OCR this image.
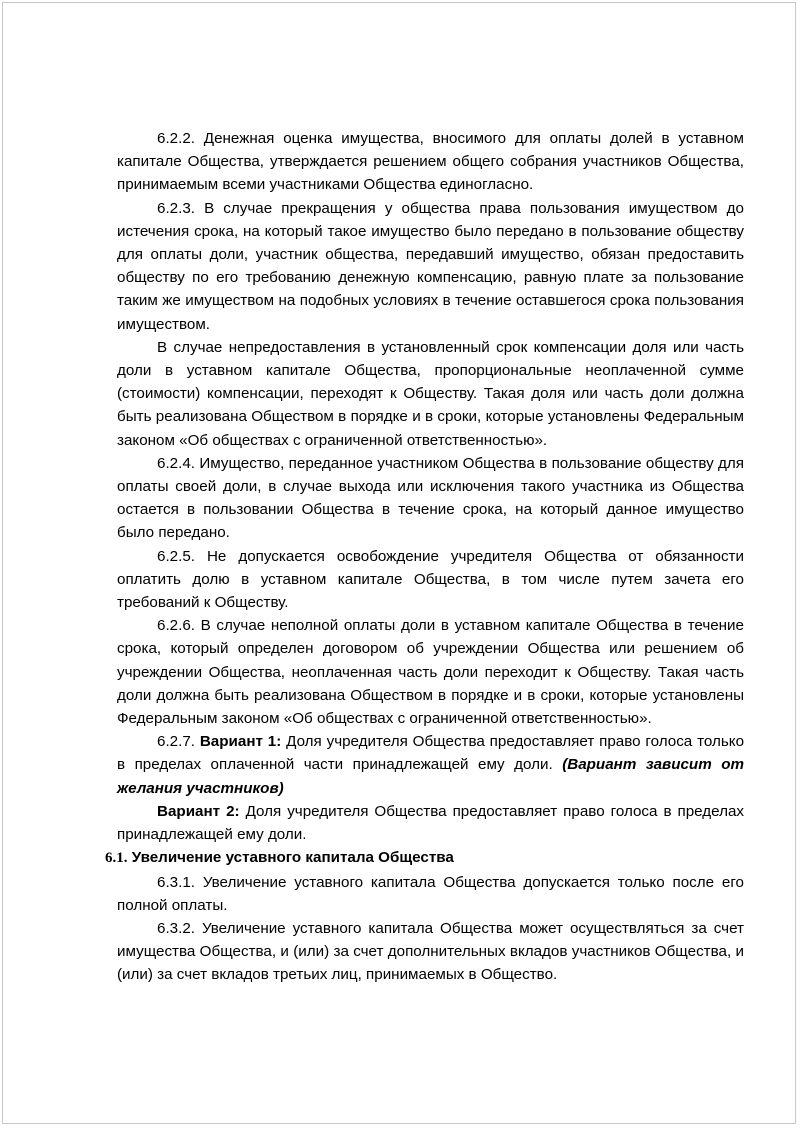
6.2.2. Денежная оценка имущества, вносимого для оплаты долей в уставном капитале Общества, утверждается решением общего собрания участников Общества, принимаемым всеми участниками Общества единогласно.

6.2.3. В случае прекращения у общества права пользования имуществом до истечения срока, на который такое имущество было передано в пользование обществу для оплаты доли, участник общества, передавший имущество, обязан предоставить обществу по его требованию денежную компенсацию, равную плате за пользование таким же имуществом на подобных условиях в течение оставшегося срока пользования имуществом.

В случае непредоставления в установленный срок компенсации доля или часть доли в уставном капитале Общества, пропорциональные неоплаченной сумме (стоимости) компенсации, переходят к Обществу. Такая доля или часть доли должна быть реализована Обществом в порядке и в сроки, которые установлены Федеральным законом «Об обществах с ограниченной ответственностью».

6.2.4. Имущество, переданное участником Общества в пользование обществу для оплаты своей доли, в случае выхода или исключения такого участника из Общества остается в пользовании Общества в течение срока, на который данное имущество было передано.

6.2.5. Не допускается освобождение учредителя Общества от обязанности оплатить долю в уставном капитале Общества, в том числе путем зачета его требований к Обществу.

6.2.6. В случае неполной оплаты доли в уставном капитале Общества в течение срока, который определен договором об учреждении Общества или решением об учреждении Общества, неоплаченная часть доли переходит к Обществу. Такая часть доли должна быть реализована Обществом в порядке и в сроки, которые установлены Федеральным законом «Об обществах с ограниченной ответственностью».

6.2.7. Вариант 1: Доля учредителя Общества предоставляет право голоса только в пределах оплаченной части принадлежащей ему доли. (Вариант зависит от желания участников)

Вариант 2: Доля учредителя Общества предоставляет право голоса в пределах принадлежащей ему доли.

6.1. Увеличение уставного капитала Общества

6.3.1. Увеличение уставного капитала Общества допускается только после его полной оплаты.

6.3.2. Увеличение уставного капитала Общества может осуществляться за счет имущества Общества, и (или) за счет дополнительных вкладов участников Общества, и (или) за счет вкладов третьих лиц, принимаемых в Общество.
